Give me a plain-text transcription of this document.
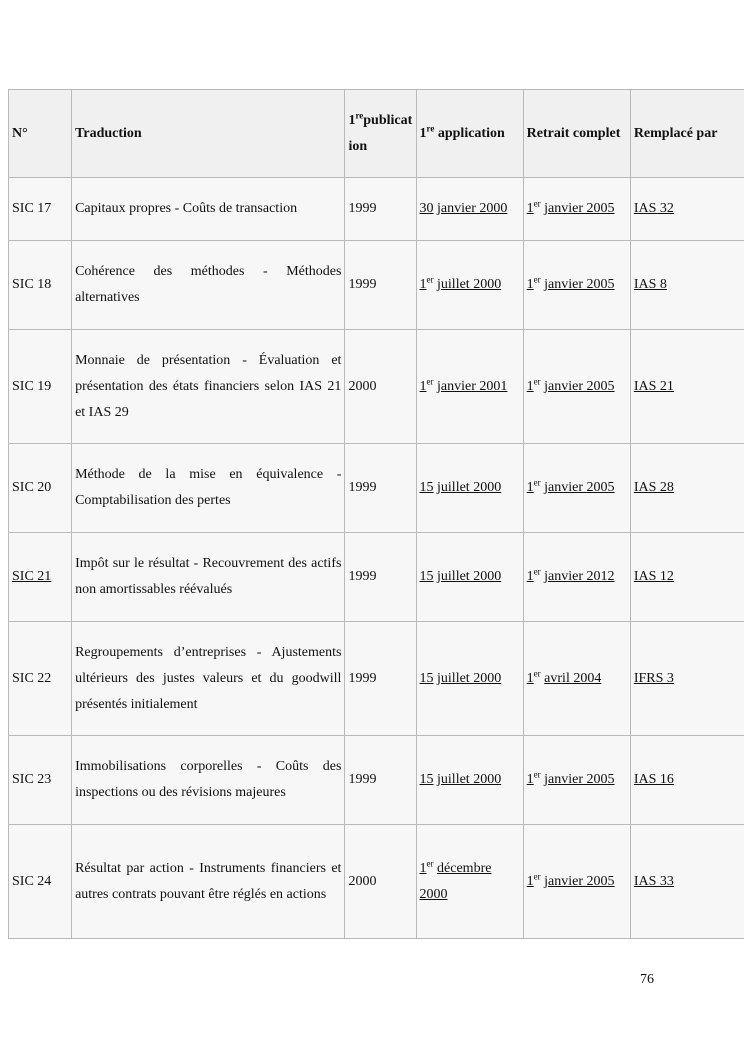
N°	Traduction	1republication	1re application	Retrait complet	Remplacé par
SIC 17	Capitaux propres - Coûts de transaction	1999	30 janvier 2000	1er janvier 2005	IAS 32
SIC 18	Cohérence des méthodes - Méthodes alternatives	1999	1er juillet 2000	1er janvier 2005	IAS 8
SIC 19	Monnaie de présentation - Évaluation et présentation des états financiers selon IAS 21 et IAS 29	2000	1er janvier 2001	1er janvier 2005	IAS 21
SIC 20	Méthode de la mise en équivalence - Comptabilisation des pertes	1999	15 juillet 2000	1er janvier 2005	IAS 28
SIC 21	Impôt sur le résultat - Recouvrement des actifs non amortissables réévalués	1999	15 juillet 2000	1er janvier 2012	IAS 12
SIC 22	Regroupements d’entreprises - Ajustements ultérieurs des justes valeurs et du goodwill présentés initialement	1999	15 juillet 2000	1er avril 2004	IFRS 3
SIC 23	Immobilisations corporelles - Coûts des inspections ou des révisions majeures	1999	15 juillet 2000	1er janvier 2005	IAS 16
SIC 24	Résultat par action - Instruments financiers et autres contrats pouvant être réglés en actions	2000	1er décembre 2000	1er janvier 2005	IAS 33
76
